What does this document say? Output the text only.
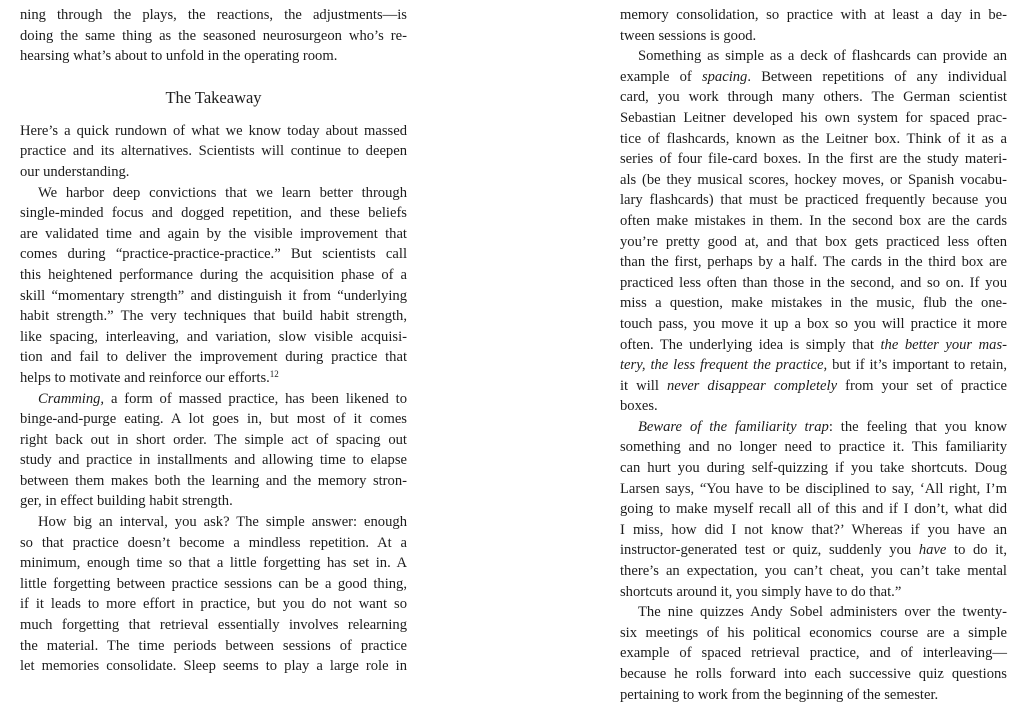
ning through the plays, the reactions, the adjustments—is
doing the same thing as the seasoned neurosurgeon who’s re-
hearsing what’s about to unfold in the operating room.
The Takeaway
Here’s a quick rundown of what we know today about massed
practice and its alternatives. Scientists will continue to deepen
our understanding.
We harbor deep convictions that we learn better through
single-minded focus and dogged repetition, and these beliefs
are validated time and again by the visible improvement that
comes during “practice-practice-practice.” But scientists call
this heightened performance during the acquisition phase of a
skill “momentary strength” and distinguish it from “underlying
habit strength.” The very techniques that build habit strength,
like spacing, interleaving, and variation, slow visible acquisi-
tion and fail to deliver the improvement during practice that
helps to motivate and reinforce our efforts.$^{12}$
Cramming, a form of massed practice, has been likened to
binge-and-purge eating. A lot goes in, but most of it comes
right back out in short order. The simple act of spacing out
study and practice in installments and allowing time to elapse
between them makes both the learning and the memory stron-
ger, in effect building habit strength.
How big an interval, you ask? The simple answer: enough
so that practice doesn’t become a mindless repetition. At a
minimum, enough time so that a little forgetting has set in. A
little forgetting between practice sessions can be a good thing,
if it leads to more effort in practice, but you do not want so
much forgetting that retrieval essentially involves relearning
the material. The time periods between sessions of practice
let memories consolidate. Sleep seems to play a large role in
memory consolidation, so practice with at least a day in be-
tween sessions is good.
Something as simple as a deck of flashcards can provide an
example of spacing. Between repetitions of any individual
card, you work through many others. The German scientist
Sebastian Leitner developed his own system for spaced prac-
tice of flashcards, known as the Leitner box. Think of it as a
series of four file-card boxes. In the first are the study materi-
als (be they musical scores, hockey moves, or Spanish vocabu-
lary flashcards) that must be practiced frequently because you
often make mistakes in them. In the second box are the cards
you’re pretty good at, and that box gets practiced less often
than the first, perhaps by a half. The cards in the third box are
practiced less often than those in the second, and so on. If you
miss a question, make mistakes in the music, flub the one-
touch pass, you move it up a box so you will practice it more
often. The underlying idea is simply that the better your mas-
tery, the less frequent the practice, but if it’s important to retain,
it will never disappear completely from your set of practice
boxes.
Beware of the familiarity trap: the feeling that you know
something and no longer need to practice it. This familiarity
can hurt you during self-quizzing if you take shortcuts. Doug
Larsen says, “You have to be disciplined to say, ‘All right, I’m
going to make myself recall all of this and if I don’t, what did
I miss, how did I not know that?’ Whereas if you have an
instructor-generated test or quiz, suddenly you have to do it,
there’s an expectation, you can’t cheat, you can’t take mental
shortcuts around it, you simply have to do that.”
The nine quizzes Andy Sobel administers over the twenty-
six meetings of his political economics course are a simple
example of spaced retrieval practice, and of interleaving—
because he rolls forward into each successive quiz questions
pertaining to work from the beginning of the semester.
